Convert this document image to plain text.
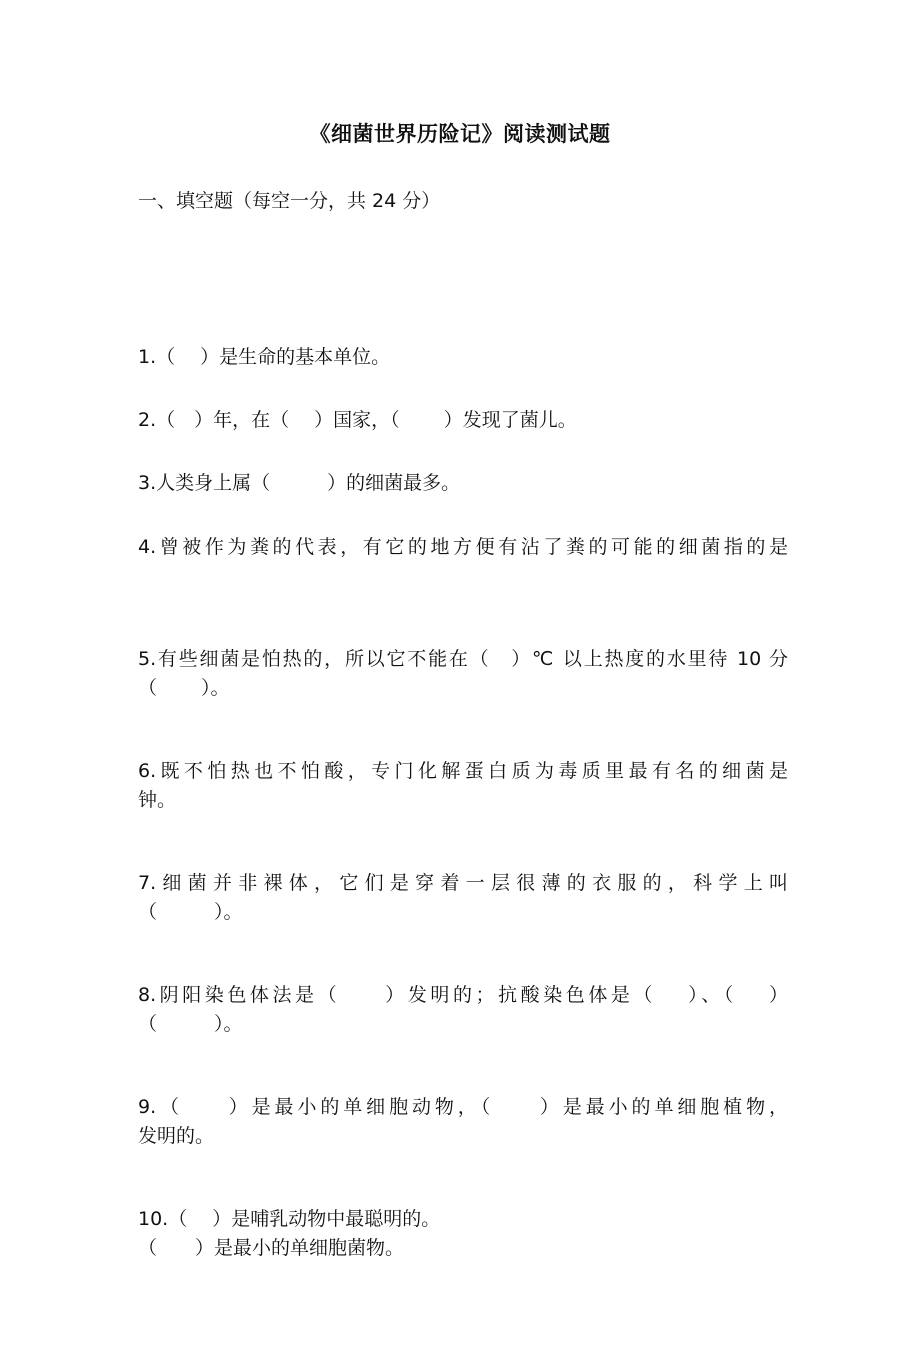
《细菌世界历险记》阅读测试题
一、填空题（每空一分，共 24 分）

1.（　 ）是生命的基本单位。

2.（　）年，在（　 ）国家，（　　 ）发现了菌儿。

3.人类身上属（　　　）的细菌最多。

4.曾被作为粪的代表，有它的地方便有沾了粪的可能的细菌指的是

（　　 ）。

5.有些细菌是怕热的，所以它不能在（　）℃ 以上热度的水里待 10 分

钟。

6.既不怕热也不怕酸，专门化解蛋白质为毒质里最有名的细菌是

（　　　）。

7.细菌并非裸体，它们是穿着一层很薄的衣服的，科学上叫

（　　　）。

8.阴阳染色体法是（　　）发明的；抗酸染色体是（　 ）、（　 ）

发明的。

9.（　　）是最小的单细胞动物，（　　）是最小的单细胞植物，

（　　）是最小的单细胞菌物。

10.（　 ）是哺乳动物中最聪明的。
